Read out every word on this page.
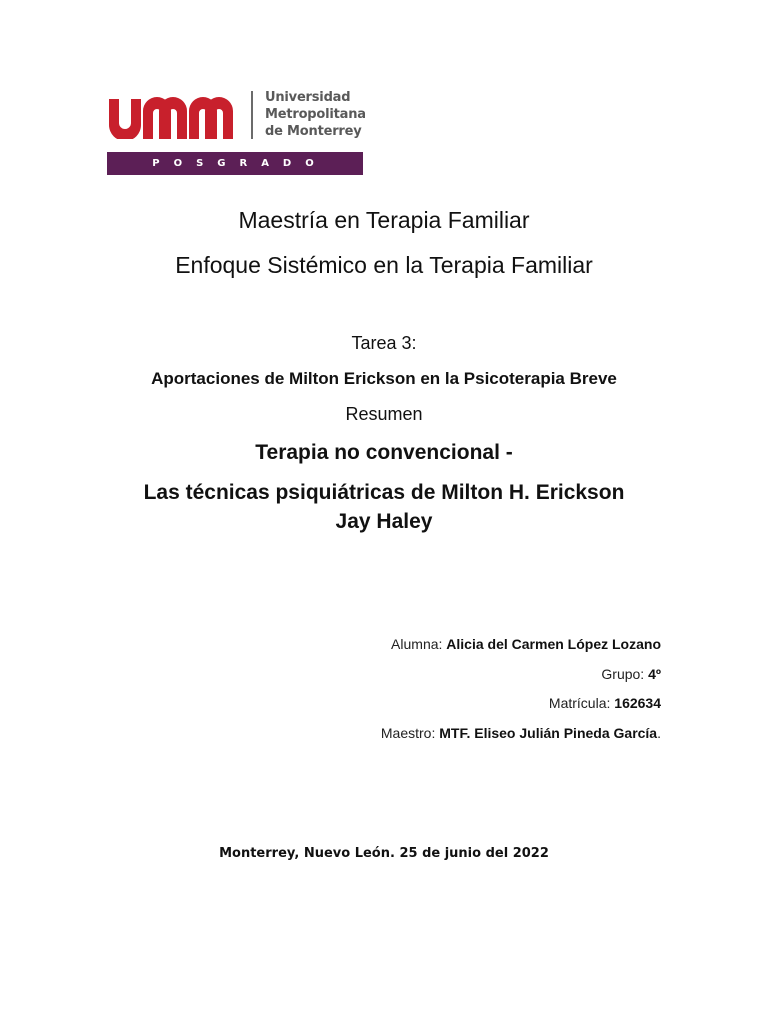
Universidad
Metropolitana
de Monterrey
POSGRADO
Maestría en Terapia Familiar
Enfoque Sistémico en la Terapia Familiar
Tarea 3:
Aportaciones de Milton Erickson en la Psicoterapia Breve
Resumen
Terapia no convencional -
Las técnicas psiquiátricas de Milton H. Erickson
Jay Haley
Alumna: Alicia del Carmen López Lozano
Grupo: 4º
Matrícula: 162634
Maestro: MTF. Eliseo Julián Pineda García.
Monterrey, Nuevo León. 25 de junio del 2022
